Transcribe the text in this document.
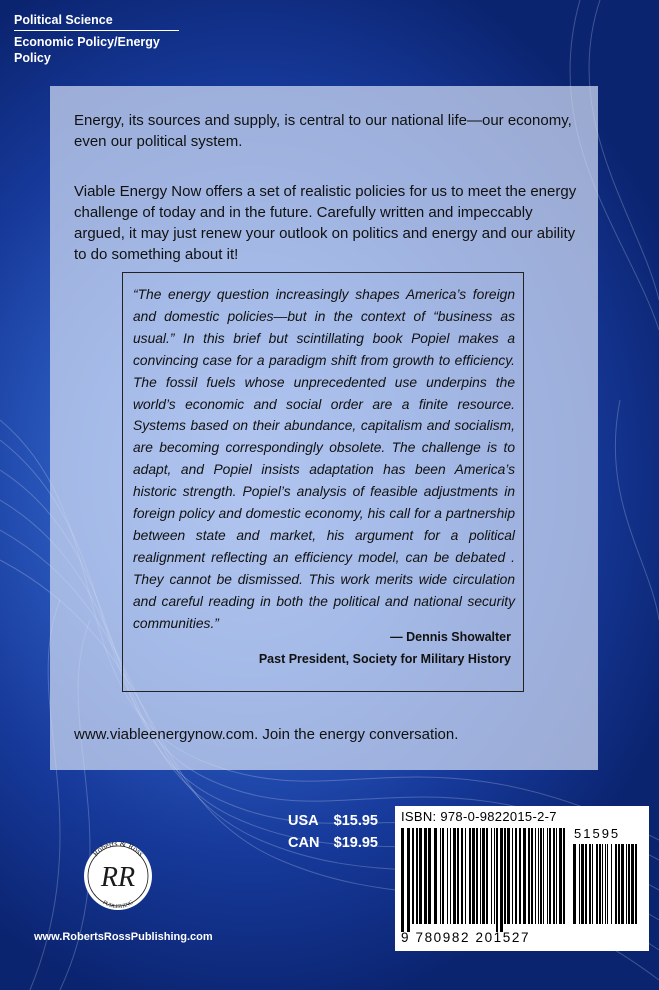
Political Science
Economic Policy/Energy Policy

Energy, its sources and supply, is central to our national life—our economy, even our political system.

Viable Energy Now offers a set of realistic policies for us to meet the energy challenge of today and in the future. Carefully written and impeccably argued, it may just renew your outlook on politics and energy and our ability to do something about it!

“The energy question increasingly shapes America’s foreign and domestic policies—but in the context of “business as usual.” In this brief but scintillating book Popiel makes a convincing case for a paradigm shift from growth to efficiency. The fossil fuels whose unprecedented use underpins the world’s economic and social order are a finite resource. Systems based on their abundance, capitalism and socialism, are becoming correspondingly obsolete. The challenge is to adapt, and Popiel insists adaptation has been America’s historic strength. Popiel’s analysis of feasible adjustments in foreign policy and domestic economy, his call for a partnership between state and market, his argument for a political realignment reflecting an efficiency model, can be debated . They cannot be dismissed. This work merits wide circulation and careful reading in both the political and national security communities.”

— Dennis Showalter
Past President, Society for Military History

www.viableenergynow.com. Join the energy conversation.

USA	$15.95
CAN $19.95
ISBN: 978-0-9822015-2-7
51595
9 780982 201527
Roberts & Ross
PUBLISHING
RR
www.RobertsRossPublishing.com
